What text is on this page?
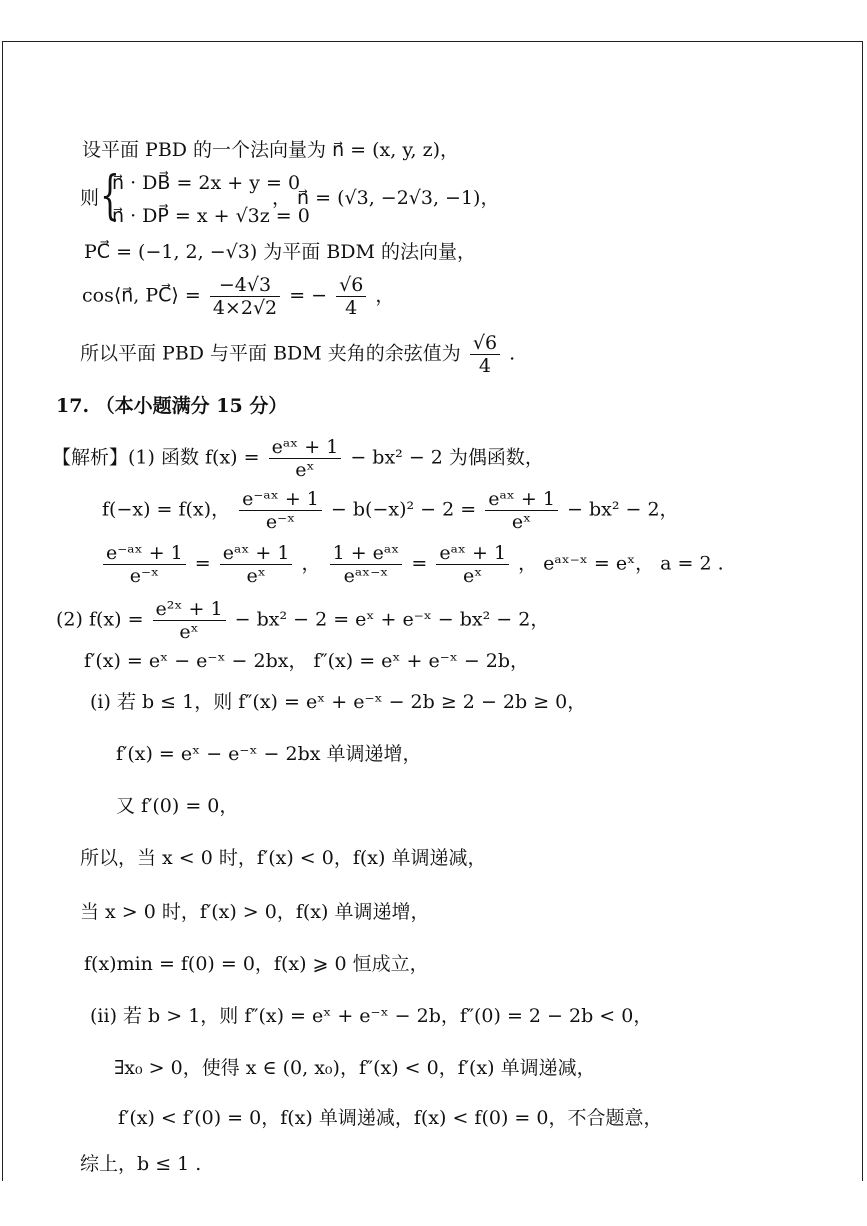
设平面 PBD 的一个法向量为 n⃗ = (x, y, z)，
则 {
n⃗ · DB⃗ = 2x + y = 0
n⃗ · DP⃗ = x + √3z = 0
， n⃗ = (√3, −2√3, −1)，
PC⃗ = (−1, 2, −√3) 为平面 BDM 的法向量，
cos⟨n⃗, PC⃗⟩ = $\frac{-4√3}{4\times 2√2}$ = − $\frac{√6}{4}$ ，
所以平面 PBD 与平面 BDM 夹角的余弦值为 $\frac{√6}{4}$ .
17. （本小题满分 15 分）
【解析】(1) 函数 $f(x) = \frac{\text{eᵃˣ + 1}}{\text{eˣ}} - bx^2 - 2$ 为偶函数，
f(−x) = f(x)， $\frac{\text{e⁻ᵃˣ + 1}}{\text{e⁻ˣ}} - b(-x)^2 - 2 = \frac{\text{eᵃˣ + 1}}{\text{eˣ}} - bx^2 - 2$，
$\frac{\text{e⁻ᵃˣ + 1}}{\text{e⁻ˣ}} = \frac{\text{eᵃˣ + 1}}{\text{eˣ}}$ ， $\frac{\text{1 + eᵃˣ}}{\text{eᵃˣ⁻ˣ}} = \frac{\text{eᵃˣ + 1}}{\text{eˣ}}$ ， eᵃˣ⁻ˣ = eˣ， a = 2 .
(2) $f(x) = \frac{\text{e²ˣ + 1}}{\text{eˣ}} - bx^2 - 2$ = eˣ + e⁻ˣ − bx² − 2，
f′(x) = eˣ − e⁻ˣ − 2bx， f″(x) = eˣ + e⁻ˣ − 2b，
(i) 若 b ≤ 1，则 f″(x) = eˣ + e⁻ˣ − 2b ≥ 2 − 2b ≥ 0，
f′(x) = eˣ − e⁻ˣ − 2bx 单调递增，
又 f′(0) = 0，
所以，当 x < 0 时，f′(x) < 0，f(x) 单调递减，
当 x > 0 时，f′(x) > 0，f(x) 单调递增，
f(x)min = f(0) = 0，f(x) ⩾ 0 恒成立，
(ii) 若 b > 1，则 f″(x) = eˣ + e⁻ˣ − 2b，f″(0) = 2 − 2b < 0，
∃x₀ > 0，使得 x ∈ (0, x₀)，f″(x) < 0，f′(x) 单调递减，
f′(x) < f′(0) = 0，f(x) 单调递减，f(x) < f(0) = 0，不合题意，
综上，b ≤ 1 .
